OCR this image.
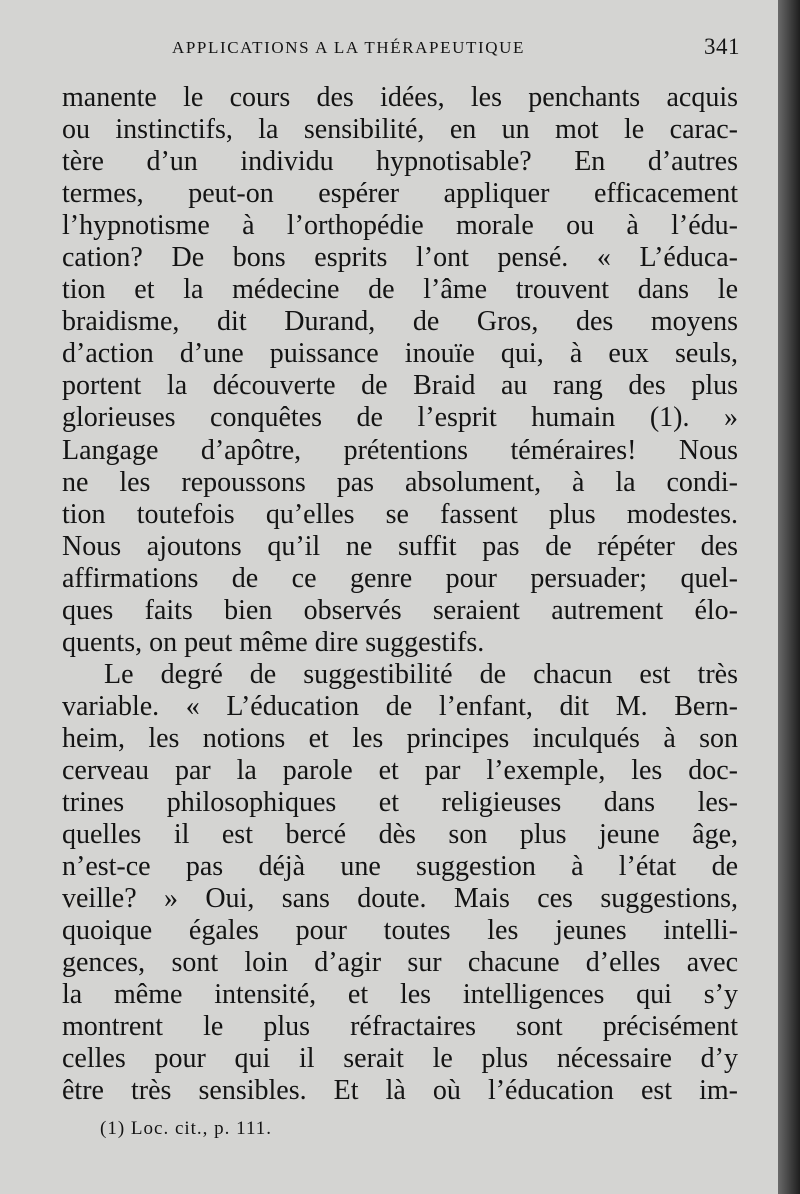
APPLICATIONS A LA THÉRAPEUTIQUE	341
manente le cours des idées, les penchants acquis
ou instinctifs, la sensibilité, en un mot le carac-
tère d’un individu hypnotisable? En d’autres
termes, peut-on espérer appliquer efficacement
l’hypnotisme à l’orthopédie morale ou à l’édu-
cation? De bons esprits l’ont pensé. « L’éduca-
tion et la médecine de l’âme trouvent dans le
braidisme, dit Durand, de Gros, des moyens
d’action d’une puissance inouïe qui, à eux seuls,
portent la découverte de Braid au rang des plus
glorieuses conquêtes de l’esprit humain (1). »
Langage d’apôtre, prétentions téméraires! Nous
ne les repoussons pas absolument, à la condi-
tion toutefois qu’elles se fassent plus modestes.
Nous ajoutons qu’il ne suffit pas de répéter des
affirmations de ce genre pour persuader; quel-
ques faits bien observés seraient autrement élo-
quents, on peut même dire suggestifs.
Le degré de suggestibilité de chacun est très
variable. « L’éducation de l’enfant, dit M. Bern-
heim, les notions et les principes inculqués à son
cerveau par la parole et par l’exemple, les doc-
trines philosophiques et religieuses dans les-
quelles il est bercé dès son plus jeune âge,
n’est-ce pas déjà une suggestion à l’état de
veille? » Oui, sans doute. Mais ces suggestions,
quoique égales pour toutes les jeunes intelli-
gences, sont loin d’agir sur chacune d’elles avec
la même intensité, et les intelligences qui s’y
montrent le plus réfractaires sont précisément
celles pour qui il serait le plus nécessaire d’y
être très sensibles. Et là où l’éducation est im-
(1) Loc. cit., p. 111.
